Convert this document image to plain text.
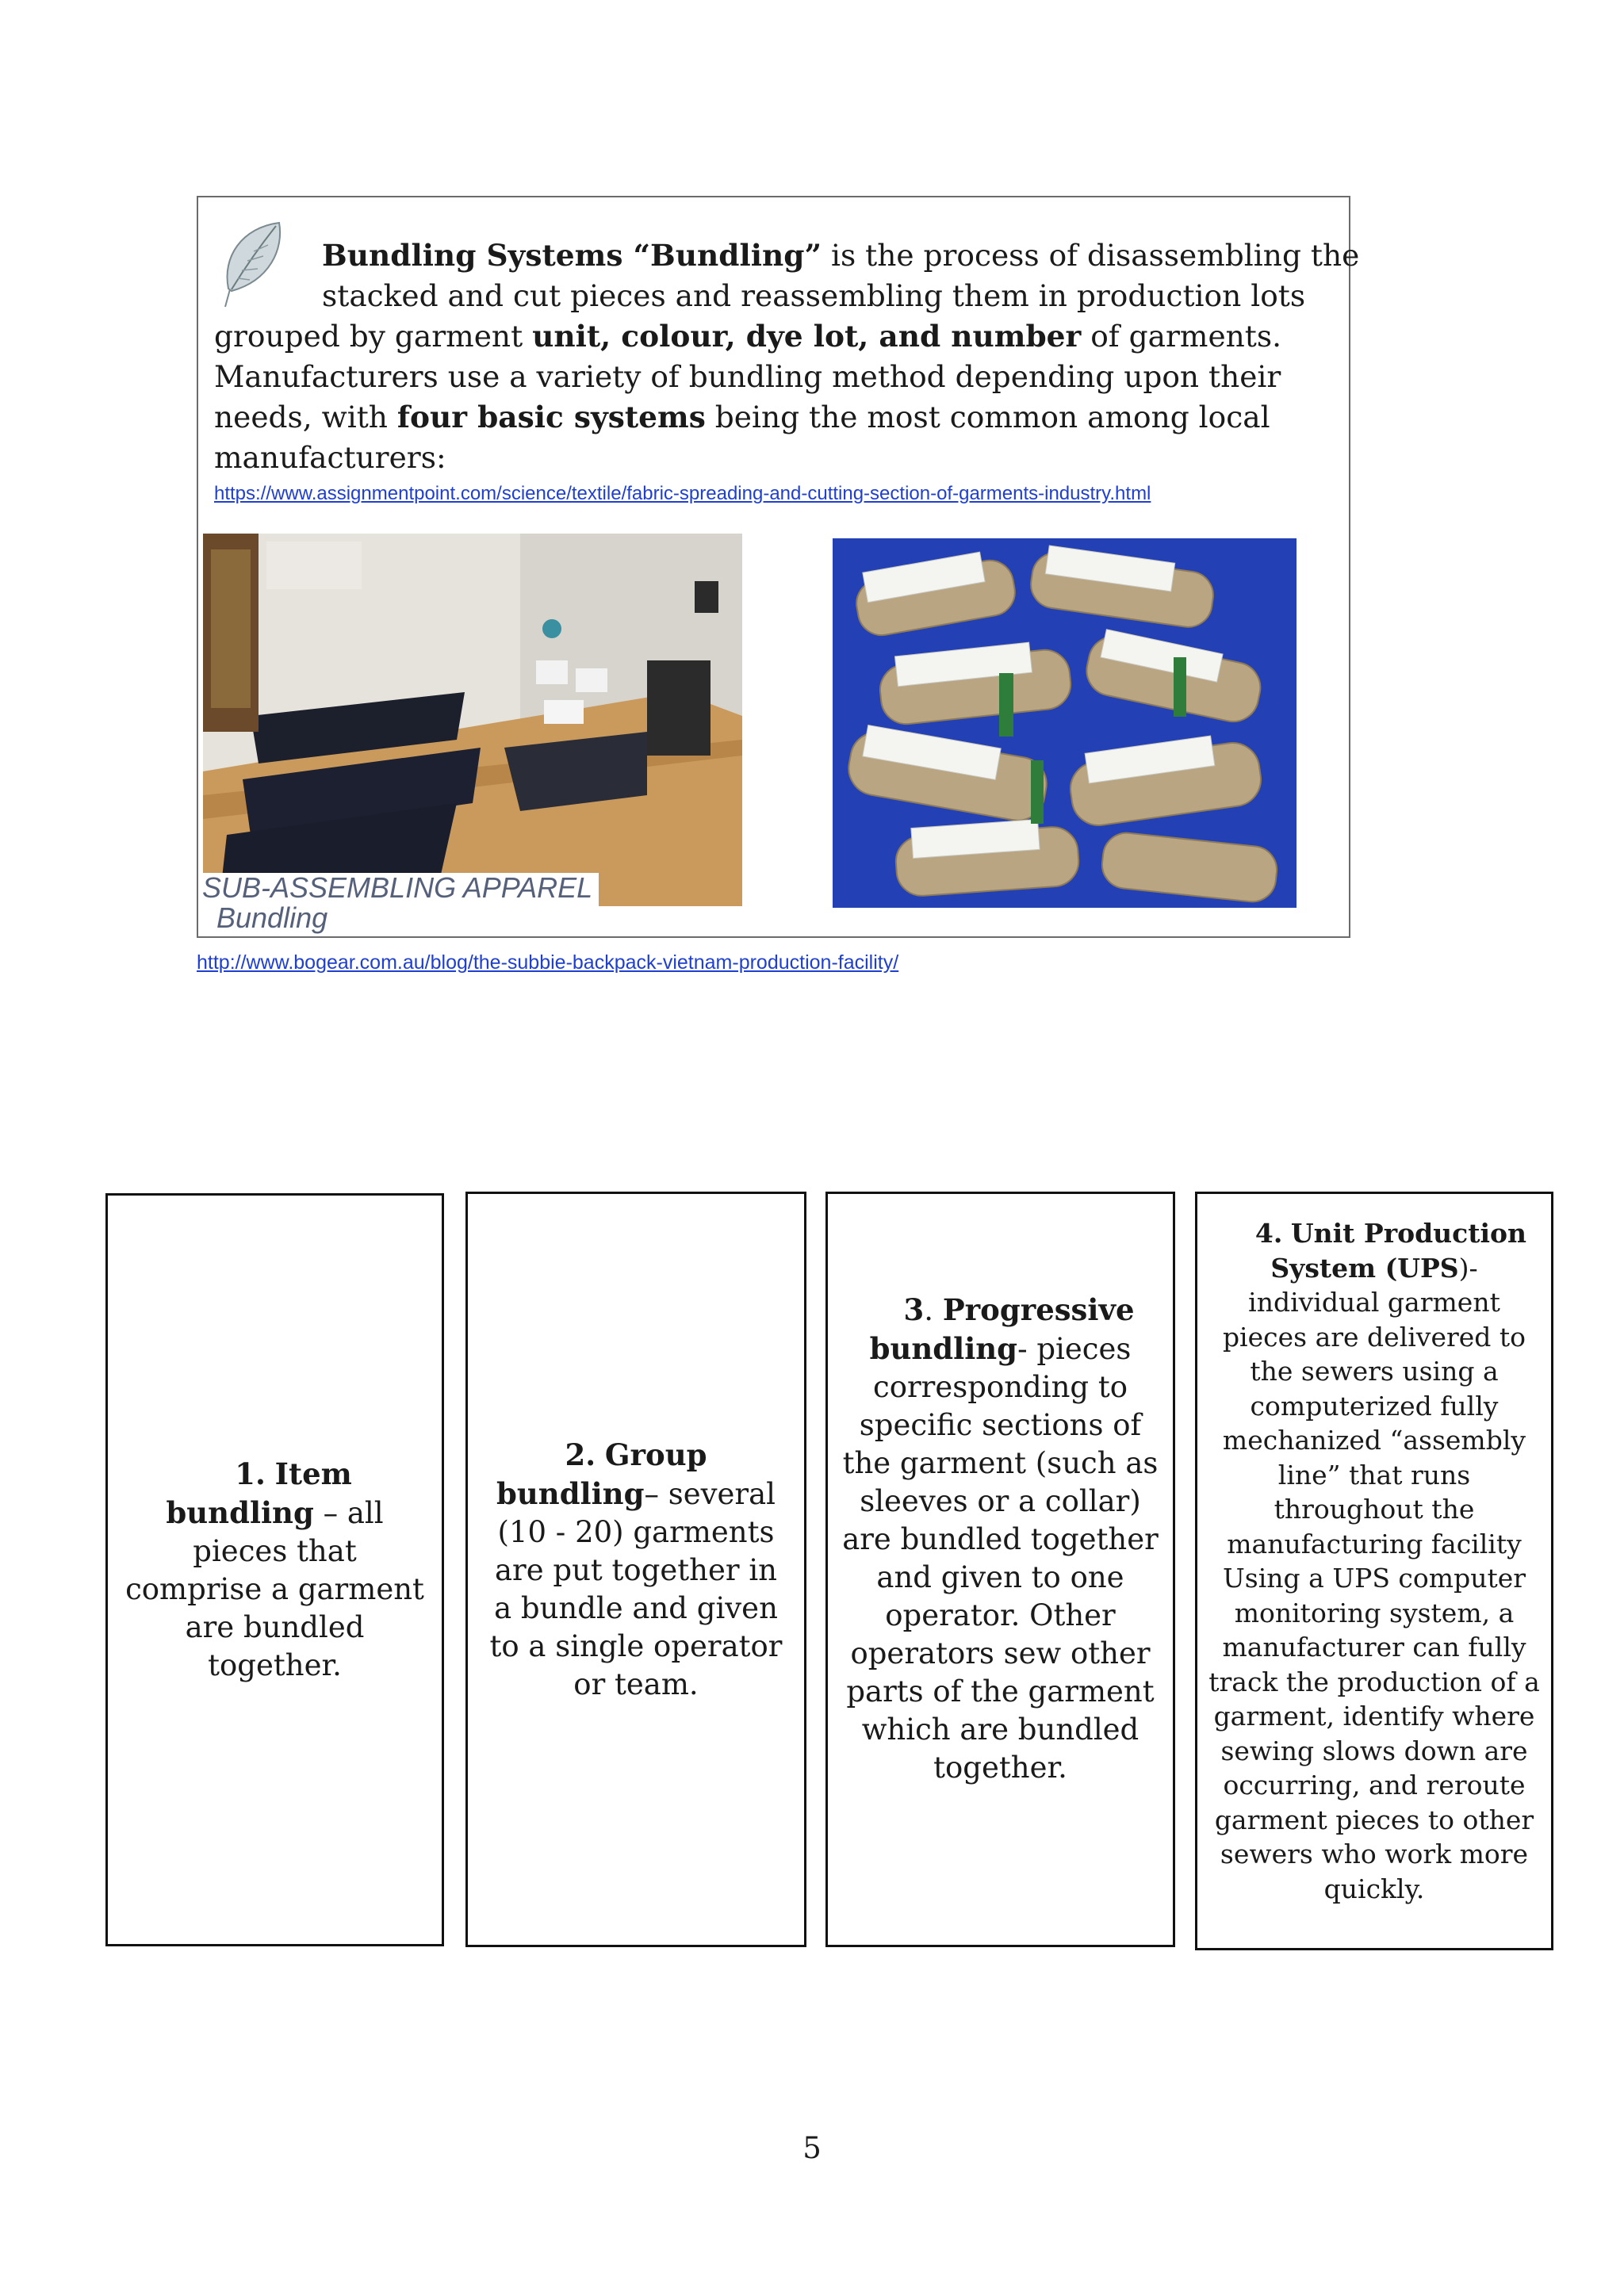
Bundling Systems “Bundling” is the process of disassembling the
stacked and cut pieces and reassembling them in production lots
grouped by garment unit, colour, dye lot, and number of garments.
Manufacturers use a variety of bundling method depending upon their
needs, with four basic systems being the most common among local
manufacturers:
https://www.assignmentpoint.com/science/textile/fabric-spreading-and-cutting-section-of-garments-industry.html
SUB-ASSEMBLING APPAREL
Bundling
http://www.bogear.com.au/blog/the-subbie-backpack-vietnam-production-facility/

1. Item bundling – all pieces that comprise a garment are bundled together.

2. Group bundling– several (10 - 20) garments are put together in a bundle and given to a single operator or team.

3. Progressive bundling- pieces corresponding to specific sections of the garment (such as sleeves or a collar) are bundled together and given to one operator. Other operators sew other parts of the garment which are bundled together.

4. Unit Production System (UPS)- individual garment pieces are delivered to the sewers using a computerized fully mechanized “assembly line” that runs throughout the manufacturing facility Using a UPS computer monitoring system, a manufacturer can fully track the production of a garment, identify where sewing slows down are occurring, and reroute garment pieces to other sewers who work more quickly.

5
